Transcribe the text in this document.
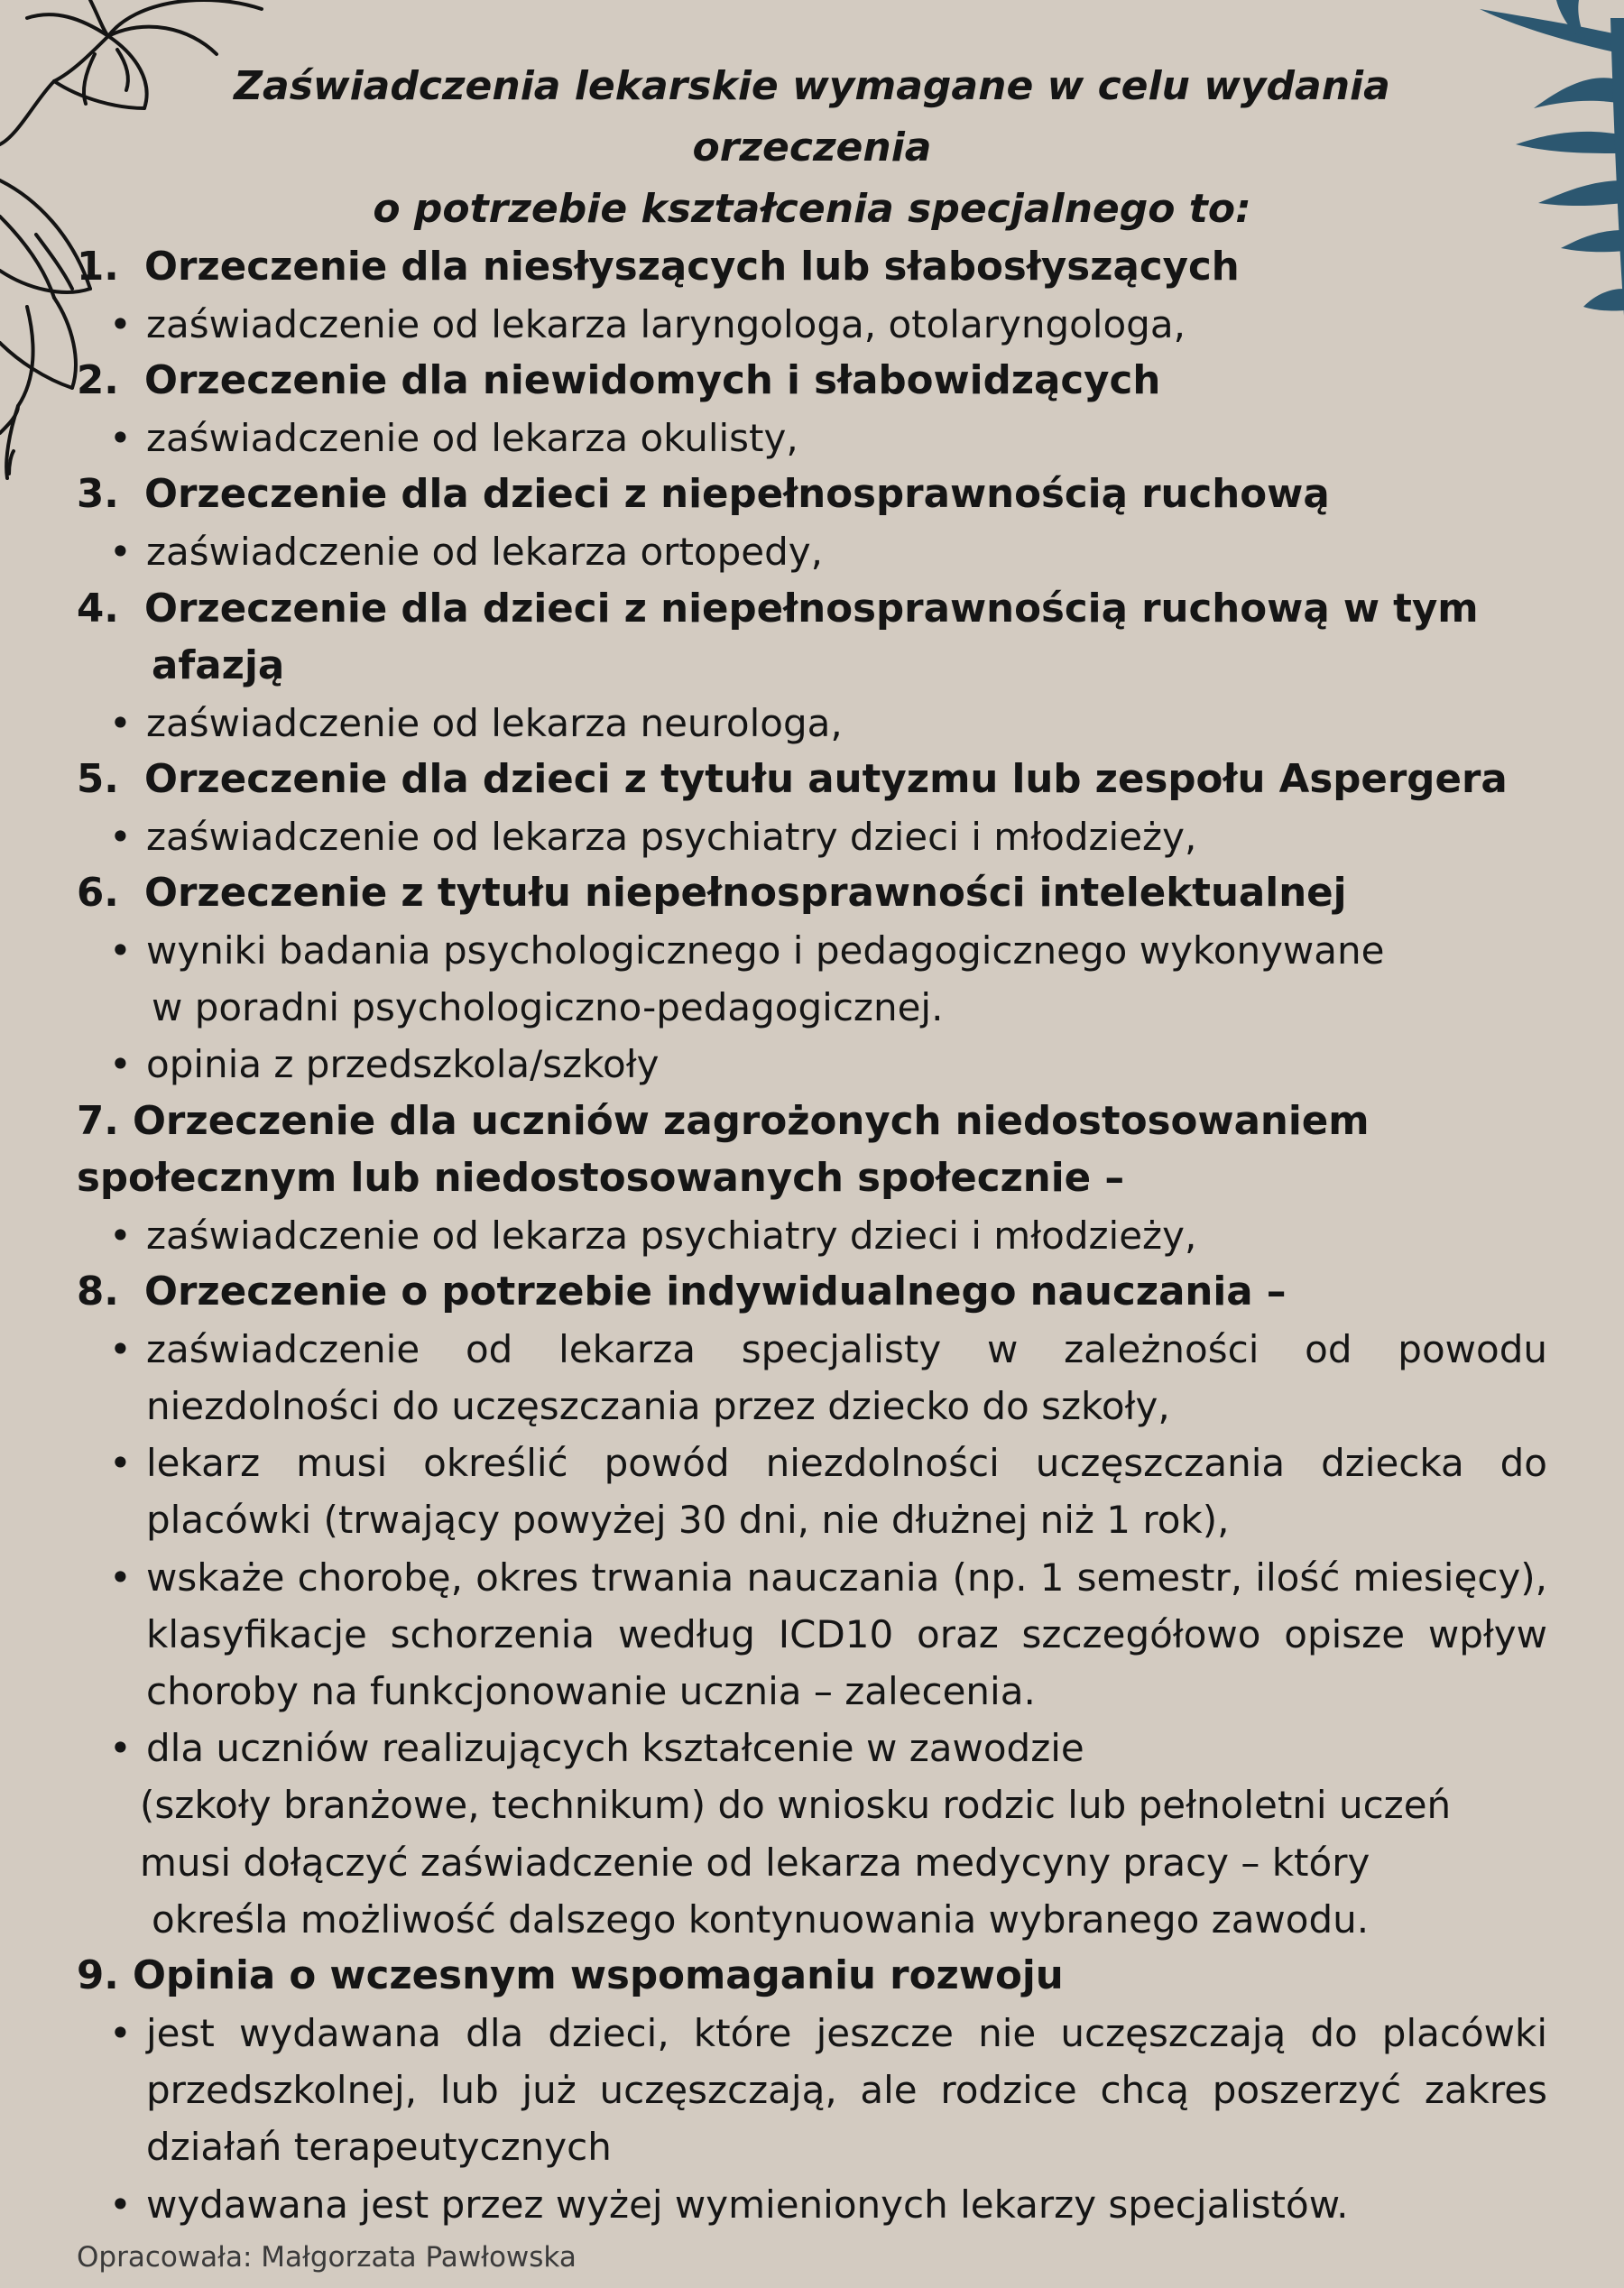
Zaświadczenia lekarskie wymagane w celu wydania orzeczenia
o potrzebie kształcenia specjalnego to:
1. Orzeczenie dla niesłyszących lub słabosłyszących
• zaświadczenie od lekarza laryngologa, otolaryngologa,
2. Orzeczenie dla niewidomych i słabowidzących
• zaświadczenie od lekarza okulisty,
3. Orzeczenie dla dzieci z niepełnosprawnością ruchową
• zaświadczenie od lekarza ortopedy,
4. Orzeczenie dla dzieci z niepełnosprawnością ruchową w tym
afazją
• zaświadczenie od lekarza neurologa,
5. Orzeczenie dla dzieci z tytułu autyzmu lub zespołu Aspergera
• zaświadczenie od lekarza psychiatry dzieci i młodzieży,
6. Orzeczenie z tytułu niepełnosprawności intelektualnej
• wyniki badania psychologicznego i pedagogicznego wykonywane
w poradni psychologiczno-pedagogicznej.
• opinia z przedszkola/szkoły
7. Orzeczenie dla uczniów zagrożonych niedostosowaniem społecznym lub niedostosowanych społecznie –
• zaświadczenie od lekarza psychiatry dzieci i młodzieży,
8. Orzeczenie o potrzebie indywidualnego nauczania –
• zaświadczenie od lekarza specjalisty w zależności od powodu niezdolności do uczęszczania przez dziecko do szkoły,
• lekarz musi określić powód niezdolności uczęszczania dziecka do placówki (trwający powyżej 30 dni, nie dłużnej niż 1 rok),
• wskaże chorobę, okres trwania nauczania (np. 1 semestr, ilość miesięcy), klasyfikacje schorzenia według ICD10 oraz szczegółowo opisze wpływ choroby na funkcjonowanie ucznia – zalecenia.
• dla uczniów realizujących kształcenie w zawodzie
(szkoły branżowe, technikum) do wniosku rodzic lub pełnoletni uczeń
musi dołączyć zaświadczenie od lekarza medycyny pracy – który
określa możliwość dalszego kontynuowania wybranego zawodu.
9. Opinia o wczesnym wspomaganiu rozwoju
• jest wydawana dla dzieci, które jeszcze nie uczęszczają do placówki przedszkolnej, lub już uczęszczają, ale rodzice chcą poszerzyć zakres działań terapeutycznych
• wydawana jest przez wyżej wymienionych lekarzy specjalistów.
Opracowała: Małgorzata Pawłowska
